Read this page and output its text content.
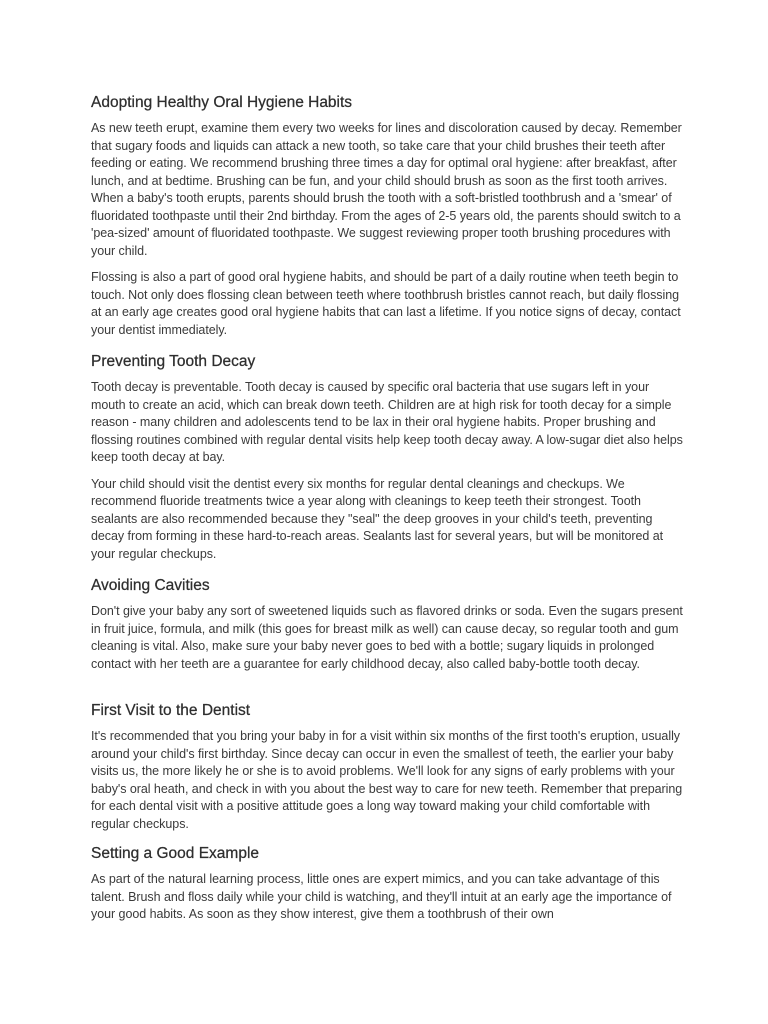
Adopting Healthy Oral Hygiene Habits

As new teeth erupt, examine them every two weeks for lines and discoloration caused by decay. Remember that sugary foods and liquids can attack a new tooth, so take care that your child brushes their teeth after feeding or eating. We recommend brushing three times a day for optimal oral hygiene: after breakfast, after lunch, and at bedtime. Brushing can be fun, and your child should brush as soon as the first tooth arrives. When a baby's tooth erupts, parents should brush the tooth with a soft-bristled toothbrush and a 'smear' of fluoridated toothpaste until their 2nd birthday. From the ages of 2-5 years old, the parents should switch to a 'pea-sized' amount of fluoridated toothpaste. We suggest reviewing proper tooth brushing procedures with your child.

Flossing is also a part of good oral hygiene habits, and should be part of a daily routine when teeth begin to touch. Not only does flossing clean between teeth where toothbrush bristles cannot reach, but daily flossing at an early age creates good oral hygiene habits that can last a lifetime. If you notice signs of decay, contact your dentist immediately.

Preventing Tooth Decay

Tooth decay is preventable. Tooth decay is caused by specific oral bacteria that use sugars left in your mouth to create an acid, which can break down teeth. Children are at high risk for tooth decay for a simple reason - many children and adolescents tend to be lax in their oral hygiene habits. Proper brushing and flossing routines combined with regular dental visits help keep tooth decay away. A low-sugar diet also helps keep tooth decay at bay.

Your child should visit the dentist every six months for regular dental cleanings and checkups. We recommend fluoride treatments twice a year along with cleanings to keep teeth their strongest. Tooth sealants are also recommended because they "seal" the deep grooves in your child's teeth, preventing decay from forming in these hard-to-reach areas. Sealants last for several years, but will be monitored at your regular checkups.

Avoiding Cavities

Don't give your baby any sort of sweetened liquids such as flavored drinks or soda. Even the sugars present in fruit juice, formula, and milk (this goes for breast milk as well) can cause decay, so regular tooth and gum cleaning is vital. Also, make sure your baby never goes to bed with a bottle; sugary liquids in prolonged contact with her teeth are a guarantee for early childhood decay, also called baby-bottle tooth decay.

First Visit to the Dentist

It's recommended that you bring your baby in for a visit within six months of the first tooth's eruption, usually around your child's first birthday. Since decay can occur in even the smallest of teeth, the earlier your baby visits us, the more likely he or she is to avoid problems. We'll look for any signs of early problems with your baby's oral heath, and check in with you about the best way to care for new teeth. Remember that preparing for each dental visit with a positive attitude goes a long way toward making your child comfortable with regular checkups.

Setting a Good Example

As part of the natural learning process, little ones are expert mimics, and you can take advantage of this talent. Brush and floss daily while your child is watching, and they'll intuit at an early age the importance of your good habits. As soon as they show interest, give them a toothbrush of their own
